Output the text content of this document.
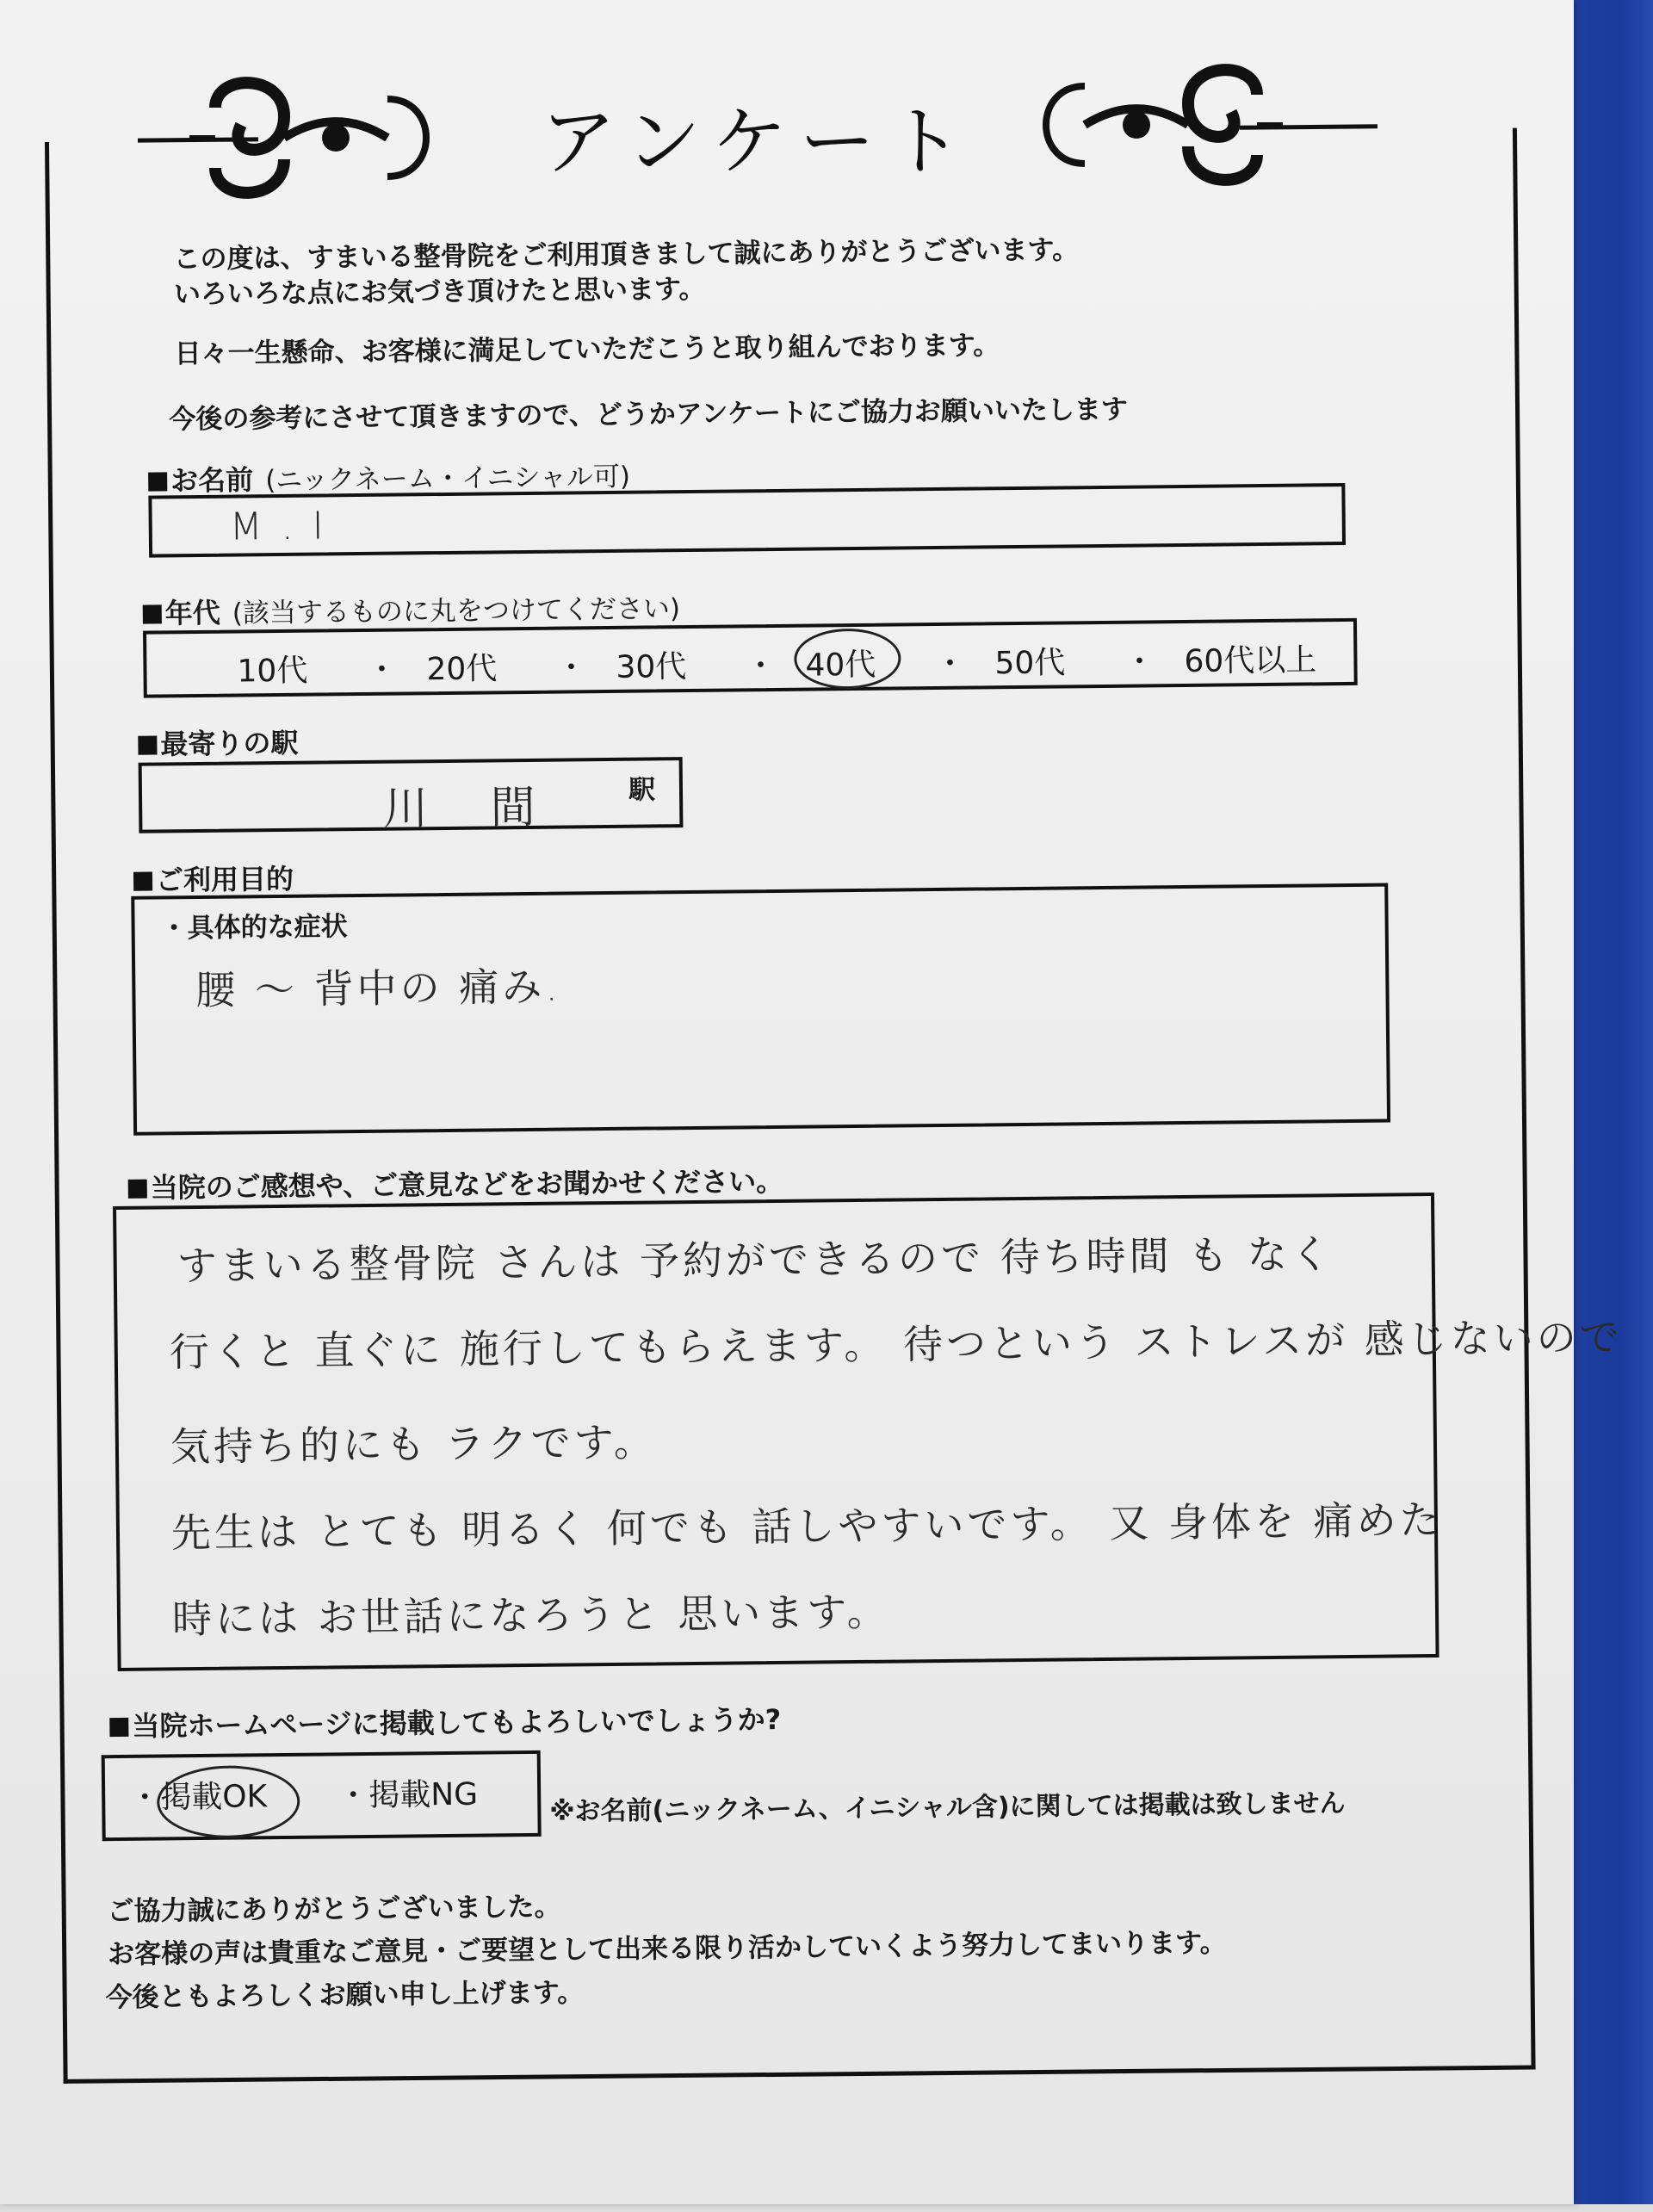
アンケート
この度は、すまいる整骨院をご利用頂きまして誠にありがとうございます。
いろいろな点にお気づき頂けたと思います。
日々一生懸命、お客様に満足していただこうと取り組んでおります。
今後の参考にさせて頂きますので、どうかアンケートにご協力お願いいたします
お名前 (ニックネーム・イニシャル可)
M . I
年代 (該当するものに丸をつけてください)
10代 ・ 20代 ・ 30代 ・ 40代 ・ 50代 ・ 60代以上
最寄りの駅
川 間	駅
ご利用目的
・具体的な症状
腰 〜 背中の 痛み.
当院のご感想や、ご意見などをお聞かせください。
すまいる整骨院 さんは 予約ができるので 待ち時間 も なく
行くと 直ぐに 施行してもらえます。 待つという ストレスが 感じないので
気持ち的にも ラクです。
先生は とても 明るく 何でも 話しやすいです。 又 身体を 痛めた
時には お世話になろうと 思います。
当院ホームページに掲載してもよろしいでしょうか?
・掲載OK ・掲載NG	※お名前(ニックネーム、イニシャル含)に関しては掲載は致しません
ご協力誠にありがとうございました。
お客様の声は貴重なご意見・ご要望として出来る限り活かしていくよう努力してまいります。
今後ともよろしくお願い申し上げます。
